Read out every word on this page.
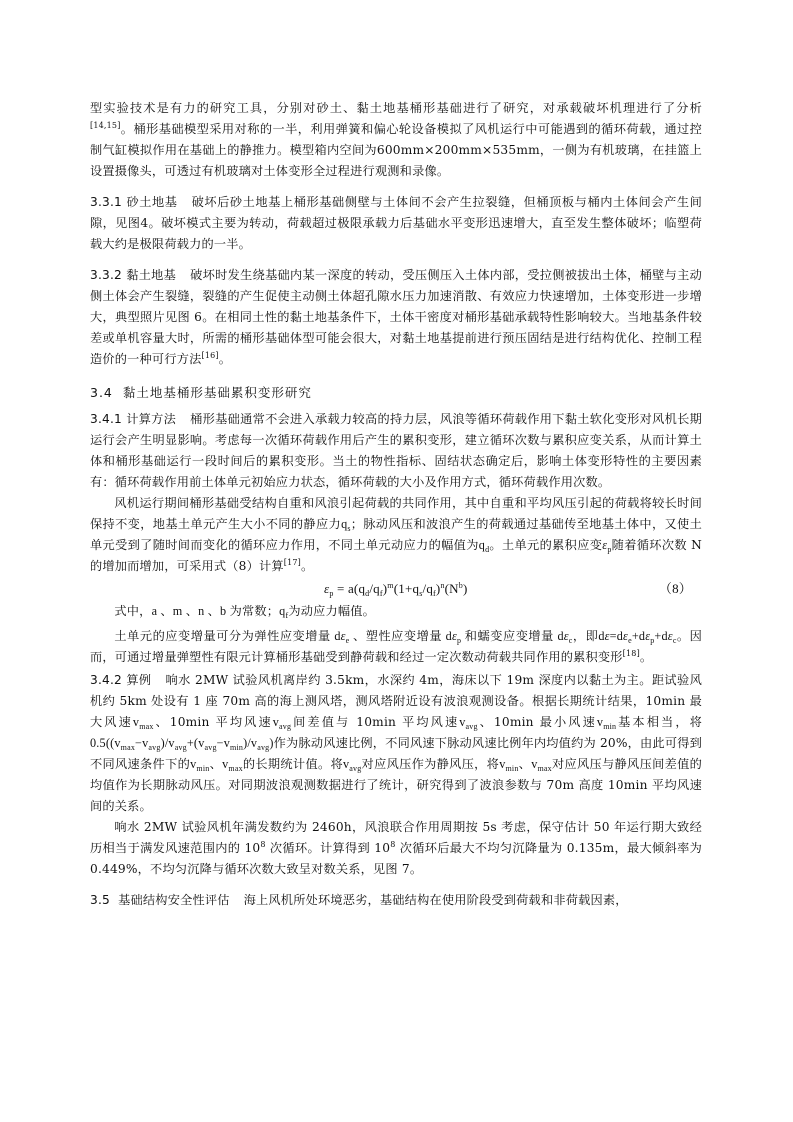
型实验技术是有力的研究工具，分别对砂土、黏土地基桶形基础进行了研究，对承载破坏机理进行了分析[14,15]。桶形基础模型采用对称的一半，利用弹簧和偏心轮设备模拟了风机运行中可能遇到的循环荷载，通过控制气缸模拟作用在基础上的静推力。模型箱内空间为600mm×200mm×535mm，一侧为有机玻璃，在挂篮上设置摄像头，可透过有机玻璃对土体变形全过程进行观测和录像。

3.3.1 砂土地基 破坏后砂土地基上桶形基础侧壁与土体间不会产生拉裂缝，但桶顶板与桶内土体间会产生间隙，见图4。破坏模式主要为转动，荷载超过极限承载力后基础水平变形迅速增大，直至发生整体破坏；临塑荷载大约是极限荷载力的一半。

3.3.2 黏土地基 破坏时发生绕基础内某一深度的转动，受压侧压入土体内部，受拉侧被拔出土体，桶壁与主动侧土体会产生裂缝，裂缝的产生促使主动侧土体超孔隙水压力加速消散、有效应力快速增加，土体变形进一步增大，典型照片见图 6。在相同土性的黏土地基条件下，土体干密度对桶形基础承载特性影响较大。当地基条件较差或单机容量大时，所需的桶形基础体型可能会很大，对黏土地基提前进行预压固结是进行结构优化、控制工程造价的一种可行方法[16]。

3.4 黏土地基桶形基础累积变形研究

3.4.1 计算方法 桶形基础通常不会进入承载力较高的持力层，风浪等循环荷载作用下黏土软化变形对风机长期运行会产生明显影响。考虑每一次循环荷载作用后产生的累积变形，建立循环次数与累积应变关系，从而计算土体和桶形基础运行一段时间后的累积变形。当土的物性指标、固结状态确定后，影响土体变形特性的主要因素有：循环荷载作用前土体单元初始应力状态，循环荷载的大小及作用方式，循环荷载作用次数。

风机运行期间桶形基础受结构自重和风浪引起荷载的共同作用，其中自重和平均风压引起的荷载将较长时间保持不变，地基土单元产生大小不同的静应力$q_s$；脉动风压和波浪产生的荷载通过基础传至地基土体中，又使土单元受到了随时间而变化的循环应力作用，不同土单元动应力的幅值为$q_d$。土单元的累积应变$\varepsilon_p$随着循环次数 N 的增加而增加，可采用式（8）计算[17]。

$\varepsilon_p = a(q_d/q_f)^m(1+q_s/q_f)^n(N^b)$	（8）

式中，a 、m 、n 、b 为常数；$q_f$为动应力幅值。

土单元的应变增量可分为弹性应变增量 $d\varepsilon_e$ 、塑性应变增量 $d\varepsilon_p$ 和蠕变应变增量 $d\varepsilon_c$，即$d\varepsilon=d\varepsilon_e+d\varepsilon_p+d\varepsilon_c$。因而，可通过增量弹塑性有限元计算桶形基础受到静荷载和经过一定次数动荷载共同作用的累积变形[18]。

3.4.2 算例 响水 2MW 试验风机离岸约 3.5km，水深约 4m，海床以下 19m 深度内以黏土为主。距试验风机约 5km 处设有 1 座 70m 高的海上测风塔，测风塔附近设有波浪观测设备。根据长期统计结果，10min 最大风速$v_{max}$、10min 平均风速$v_{avg}$间差值与 10min 平均风速$v_{avg}$、10min 最小风速$v_{min}$基本相当，将$0.5((v_{max}-v_{avg})/v_{avg}+(v_{avg}-v_{min})/v_{avg})$作为脉动风速比例，不同风速下脉动风速比例年内均值约为 20%，由此可得到不同风速条件下的$v_{min}$、$v_{max}$的长期统计值。将$v_{avg}$对应风压作为静风压，将$v_{min}$、$v_{max}$对应风压与静风压间差值的均值作为长期脉动风压。对同期波浪观测数据进行了统计，研究得到了波浪参数与 70m 高度 10min 平均风速间的关系。

响水 2MW 试验风机年满发数约为 2460h，风浪联合作用周期按 5s 考虑，保守估计 50 年运行期大致经历相当于满发风速范围内的 $10^8$ 次循环。计算得到 $10^8$ 次循环后最大不均匀沉降量为 0.135m，最大倾斜率为 0.449%，不均匀沉降与循环次数大致呈对数关系，见图 7。

3.5 基础结构安全性评估 海上风机所处环境恶劣，基础结构在使用阶段受到荷载和非荷载因素，
